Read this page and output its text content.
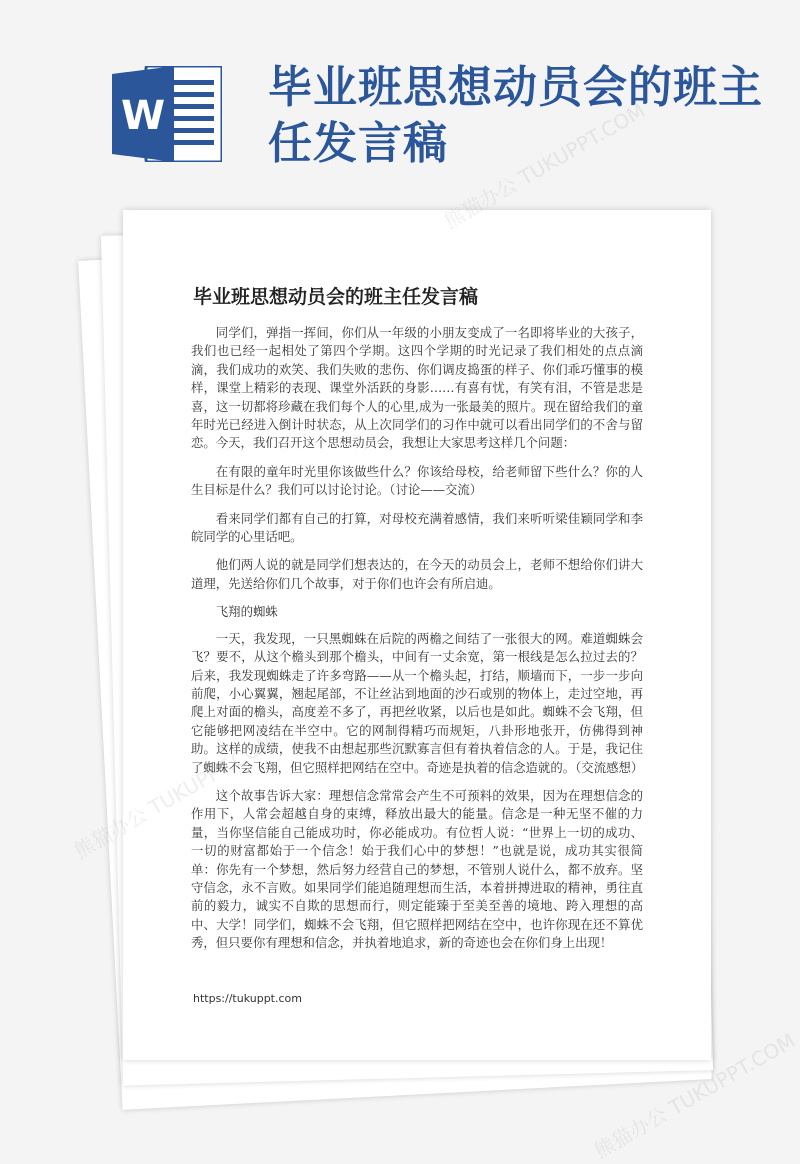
W
毕业班思想动员会的班主任发言稿
毕业班思想动员会的班主任发言稿

同学们，弹指一挥间，你们从一年级的小朋友变成了一名即将毕业的大孩子，我们也已经一起相处了第四个学期。这四个学期的时光记录了我们相处的点点滴滴，我们成功的欢笑、我们失败的悲伤、你们调皮捣蛋的样子、你们乖巧懂事的模样，课堂上精彩的表现、课堂外活跃的身影……有喜有忧，有笑有泪，不管是悲是喜，这一切都将珍藏在我们每个人的心里,成为一张最美的照片。现在留给我们的童年时光已经进入倒计时状态，从上次同学们的习作中就可以看出同学们的不舍与留恋。今天，我们召开这个思想动员会，我想让大家思考这样几个问题：

在有限的童年时光里你该做些什么？你该给母校，给老师留下些什么？你的人生目标是什么？我们可以讨论讨论。（讨论——交流）

看来同学们都有自己的打算，对母校充满着感情，我们来听听梁佳颖同学和李皖同学的心里话吧。

他们两人说的就是同学们想表达的，在今天的动员会上，老师不想给你们讲大道理，先送给你们几个故事，对于你们也许会有所启迪。

飞翔的蜘蛛

一天，我发现，一只黑蜘蛛在后院的两檐之间结了一张很大的网。难道蜘蛛会飞？要不，从这个檐头到那个檐头，中间有一丈余宽，第一根线是怎么拉过去的？后来，我发现蜘蛛走了许多弯路——从一个檐头起，打结，顺墙而下，一步一步向前爬，小心翼翼，翘起尾部，不让丝沾到地面的沙石或别的物体上，走过空地，再爬上对面的檐头，高度差不多了，再把丝收紧，以后也是如此。蜘蛛不会飞翔，但它能够把网凌结在半空中。它的网制得精巧而规矩，八卦形地张开，仿佛得到神助。这样的成绩，使我不由想起那些沉默寡言但有着执着信念的人。于是，我记住了蜘蛛不会飞翔，但它照样把网结在空中。奇迹是执着的信念造就的。（交流感想）

这个故事告诉大家：理想信念常常会产生不可预料的效果，因为在理想信念的作用下，人常会超越自身的束缚，释放出最大的能量。信念是一种无坚不催的力量，当你坚信能自己能成功时，你必能成功。有位哲人说：“世界上一切的成功、一切的财富都始于一个信念！始于我们心中的梦想！”也就是说，成功其实很简单：你先有一个梦想，然后努力经营自己的梦想，不管别人说什么，都不放弃。坚守信念，永不言败。如果同学们能追随理想而生活，本着拼搏进取的精神，勇往直前的毅力，诚实不自欺的思想而行，则定能臻于至美至善的境地、跨入理想的高中、大学！同学们，蜘蛛不会飞翔，但它照样把网结在空中，也许你现在还不算优秀，但只要你有理想和信念，并执着地追求，新的奇迹也会在你们身上出现！

https://tukuppt.com
熊猫办公 TUKUPPT.COM
熊猫办公 TUKUPPT.COM
